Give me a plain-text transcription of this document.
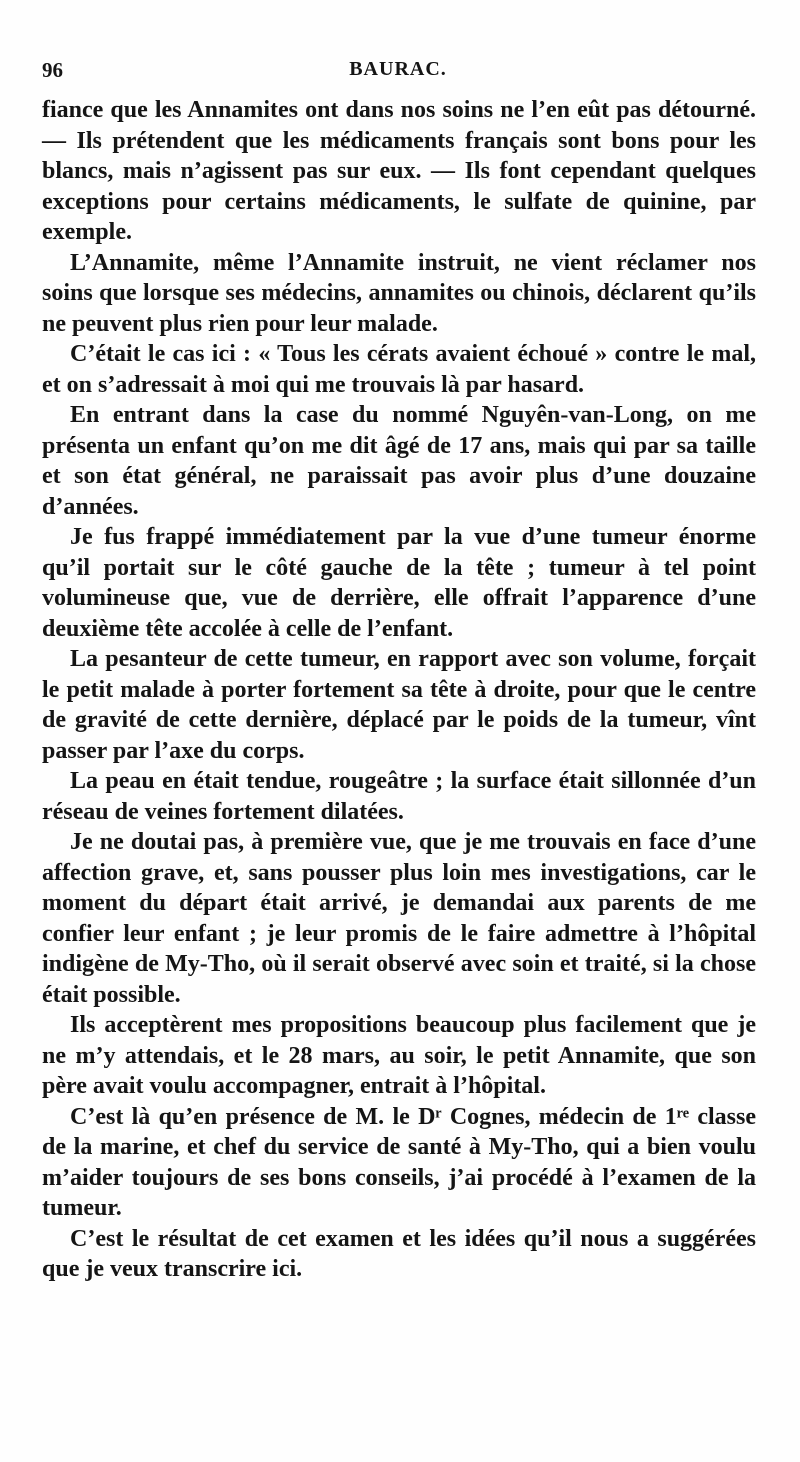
96	BAURAC.

fiance que les Annamites ont dans nos soins ne l’en eût pas détourné. — Ils prétendent que les médicaments français sont bons pour les blancs, mais n’agissent pas sur eux. — Ils font cependant quelques exceptions pour certains médicaments, le sulfate de quinine, par exemple.

L’Annamite, même l’Annamite instruit, ne vient réclamer nos soins que lorsque ses médecins, annamites ou chinois, déclarent qu’ils ne peuvent plus rien pour leur malade.

C’était le cas ici : « Tous les cérats avaient échoué » contre le mal, et on s’adressait à moi qui me trouvais là par hasard.

En entrant dans la case du nommé Nguyên-van-Long, on me présenta un enfant qu’on me dit âgé de 17 ans, mais qui par sa taille et son état général, ne paraissait pas avoir plus d’une douzaine d’années.

Je fus frappé immédiatement par la vue d’une tumeur énorme qu’il portait sur le côté gauche de la tête ; tumeur à tel point volumineuse que, vue de derrière, elle offrait l’apparence d’une deuxième tête accolée à celle de l’enfant.

La pesanteur de cette tumeur, en rapport avec son volume, forçait le petit malade à porter fortement sa tête à droite, pour que le centre de gravité de cette dernière, déplacé par le poids de la tumeur, vînt passer par l’axe du corps.

La peau en était tendue, rougeâtre ; la surface était sillonnée d’un réseau de veines fortement dilatées.

Je ne doutai pas, à première vue, que je me trouvais en face d’une affection grave, et, sans pousser plus loin mes investigations, car le moment du départ était arrivé, je demandai aux parents de me confier leur enfant ; je leur promis de le faire admettre à l’hôpital indigène de My-Tho, où il serait observé avec soin et traité, si la chose était possible.

Ils acceptèrent mes propositions beaucoup plus facilement que je ne m’y attendais, et le 28 mars, au soir, le petit Annamite, que son père avait voulu accompagner, entrait à l’hôpital.

C’est là qu’en présence de M. le Dʳ Cognes, médecin de 1ʳᵉ classe de la marine, et chef du service de santé à My-Tho, qui a bien voulu m’aider toujours de ses bons conseils, j’ai procédé à l’examen de la tumeur.

C’est le résultat de cet examen et les idées qu’il nous a suggérées que je veux transcrire ici.
